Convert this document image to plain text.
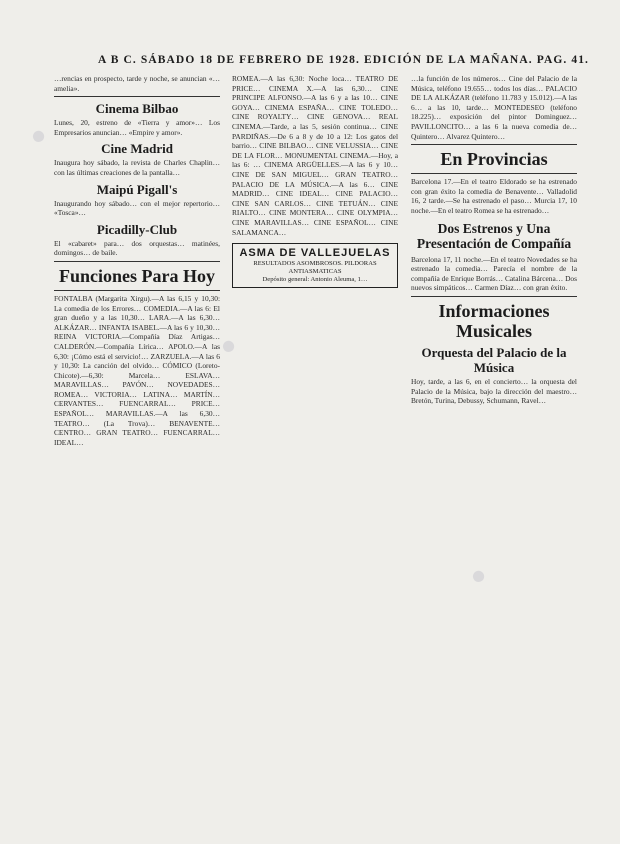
A B C. SÁBADO 18 DE FEBRERO DE 1928. EDICIÓN DE LA MAÑANA. PAG. 41.

…rencias en prospecto, tarde y noche, se anuncian «…amelia».

Cinema Bilbao

Lunes, 20, estreno de «Tierra y amor»… Los Empresarios anuncian… «Empire y amor».

Cine Madrid

Inaugura hoy sábado, la revista de Charles Chaplin… con las últimas creaciones de la pantalla…

Maipú Pigall's

Inaugurando hoy sábado… con el mejor repertorio… «Tosca»…

Picadilly-Club

El «cabaret» para… dos orquestas… matinées, domingos… de baile.

Funciones Para Hoy

FONTALBA (Margarita Xirgu).—A las 6,15 y 10,30: La comedia de los Errores… COMEDIA.—A las 6: El gran dueño y a las 10,30… LARA.—A las 6,30… ALKÁZAR… INFANTA ISABEL.—A las 6 y 10,30… REINA VICTORIA.—Compañía Díaz Artigas… CALDERÓN.—Compañía Lírica… APOLO.—A las 6,30: ¡Cómo está el servicio!… ZARZUELA.—A las 6 y 10,30: La canción del olvido… CÓMICO (Loreto-Chicote).—6,30: Marcela… ESLAVA… MARAVILLAS… PAVÓN… NOVEDADES… ROMEA… VICTORIA… LATINA… MARTÍN… CERVANTES… FUENCARRAL… PRICE… ESPAÑOL… MARAVILLAS.—A las 6,30… TEATRO… (La Trova)… BENAVENTE… CENTRO… GRAN TEATRO… FUENCARRAL… IDEAL…

ROMEA.—A las 6,30: Noche loca… TEATRO DE PRICE… CINEMA X.—A las 6,30… CINE PRINCIPE ALFONSO.—A las 6 y a las 10… CINE GOYA… CINEMA ESPAÑA… CINE TOLEDO… CINE ROYALTY… CINE GENOVA… REAL CINEMA.—Tarde, a las 5, sesión continua… CINE PARDIÑAS.—De 6 a 8 y de 10 a 12: Los gatos del barrio… CINE BILBAO… CINE VELUSSIA… CINE DE LA FLOR… MONUMENTAL CINEMA.—Hoy, a las 6: … CINEMA ARGÜELLES.—A las 6 y 10… CINE DE SAN MIGUEL… GRAN TEATRO… PALACIO DE LA MÚSICA.—A las 6… CINE MADRID… CINE IDEAL… CINE PALACIO… CINE SAN CARLOS… CINE TETUÁN… CINE RIALTO… CINE MONTERA… CINE OLYMPIA… CINE MARAVILLAS… CINE ESPAÑOL… CINE SALAMANCA…

ASMA DE VALLEJUELAS
RESULTADOS ASOMBROSOS. PILDORAS ANTIASMATICAS
Depósito general: Antonio Aleuma, 1…

…la función de los números… Cine del Palacio de la Música, teléfono 19.655… todos los días… PALACIO DE LA ALKÁZAR (teléfono 11.783 y 15.012).—A las 6… a las 10, tarde… MONTEDESEO (teléfono 18.225)… exposición del pintor Dominguez… PAVILLONCITO… a las 6 la nueva comedia de… Quintero… Alvarez Quintero…

En Provincias

Barcelona 17.—En el teatro Eldorado se ha estrenado con gran éxito la comedia de Benavente… Valladolid 16, 2 tarde.—Se ha estrenado el paso… Murcia 17, 10 noche.—En el teatro Romea se ha estrenado…

Dos Estrenos y Una Presentación de Compañía

Barcelona 17, 11 noche.—En el teatro Novedades se ha estrenado la comedia… Parecía el nombre de la compañía de Enrique Borrás… Catalina Bárcena… Dos nuevos simpáticos… Carmen Díaz… con gran éxito.

Informaciones Musicales
Orquesta del Palacio de la Música

Hoy, tarde, a las 6, en el concierto… la orquesta del Palacio de la Música, bajo la dirección del maestro… Bretón, Turina, Debussy, Schumann, Ravel…

●
●
●
